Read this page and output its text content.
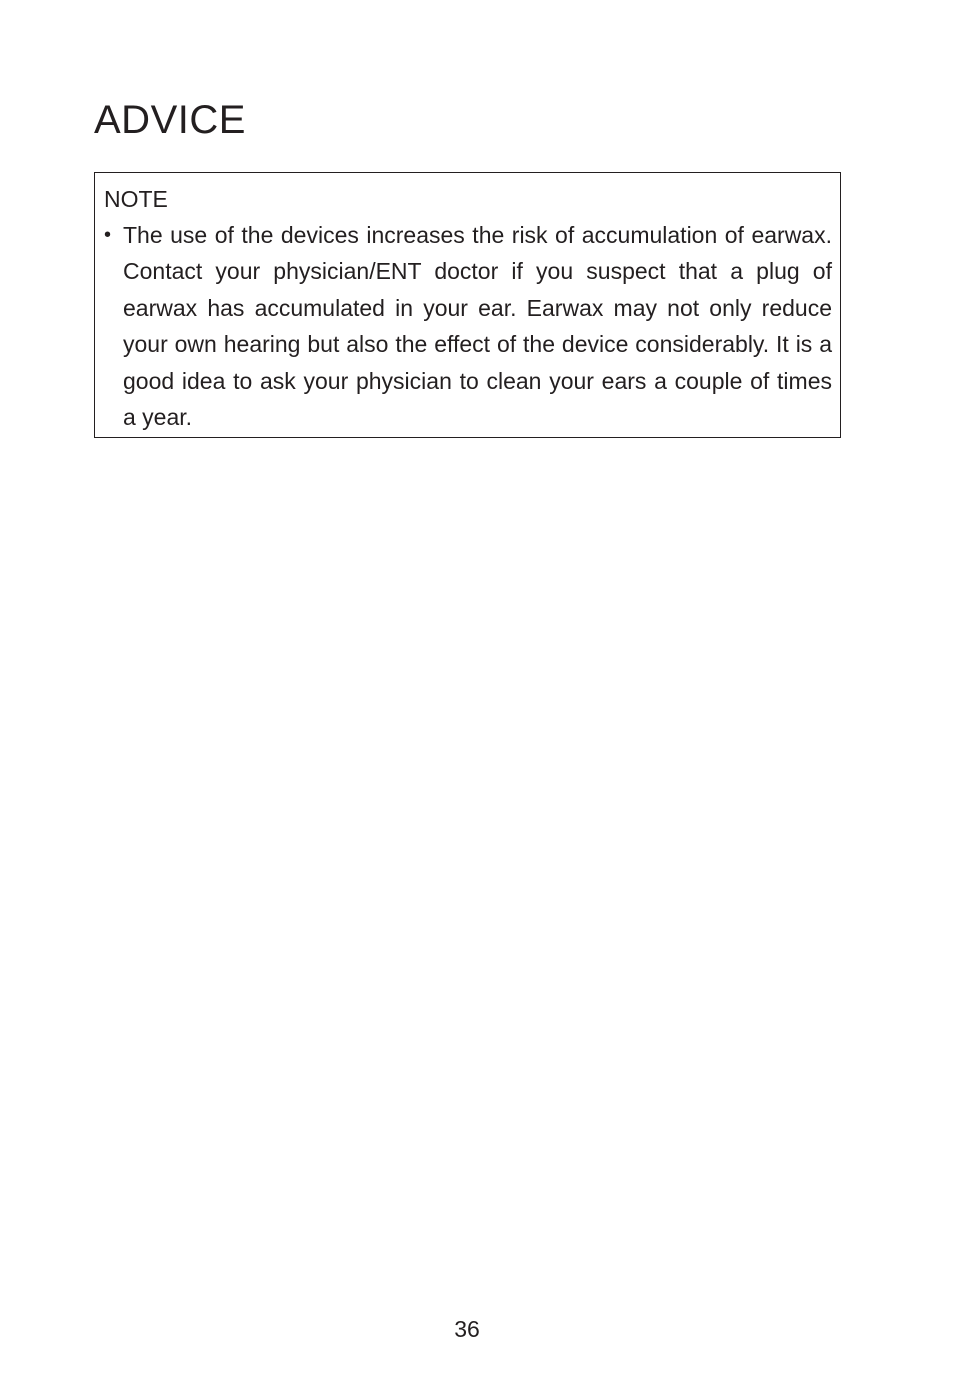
ADVICE
NOTE
• The use of the devices increases the risk of accumulation of earwax. Contact your physician/ENT doctor if you suspect that a plug of earwax has accumulated in your ear. Earwax may not only reduce your own hearing but also the effect of the device considerably. It is a good idea to ask your physician to clean your ears a couple of times a year.
36
